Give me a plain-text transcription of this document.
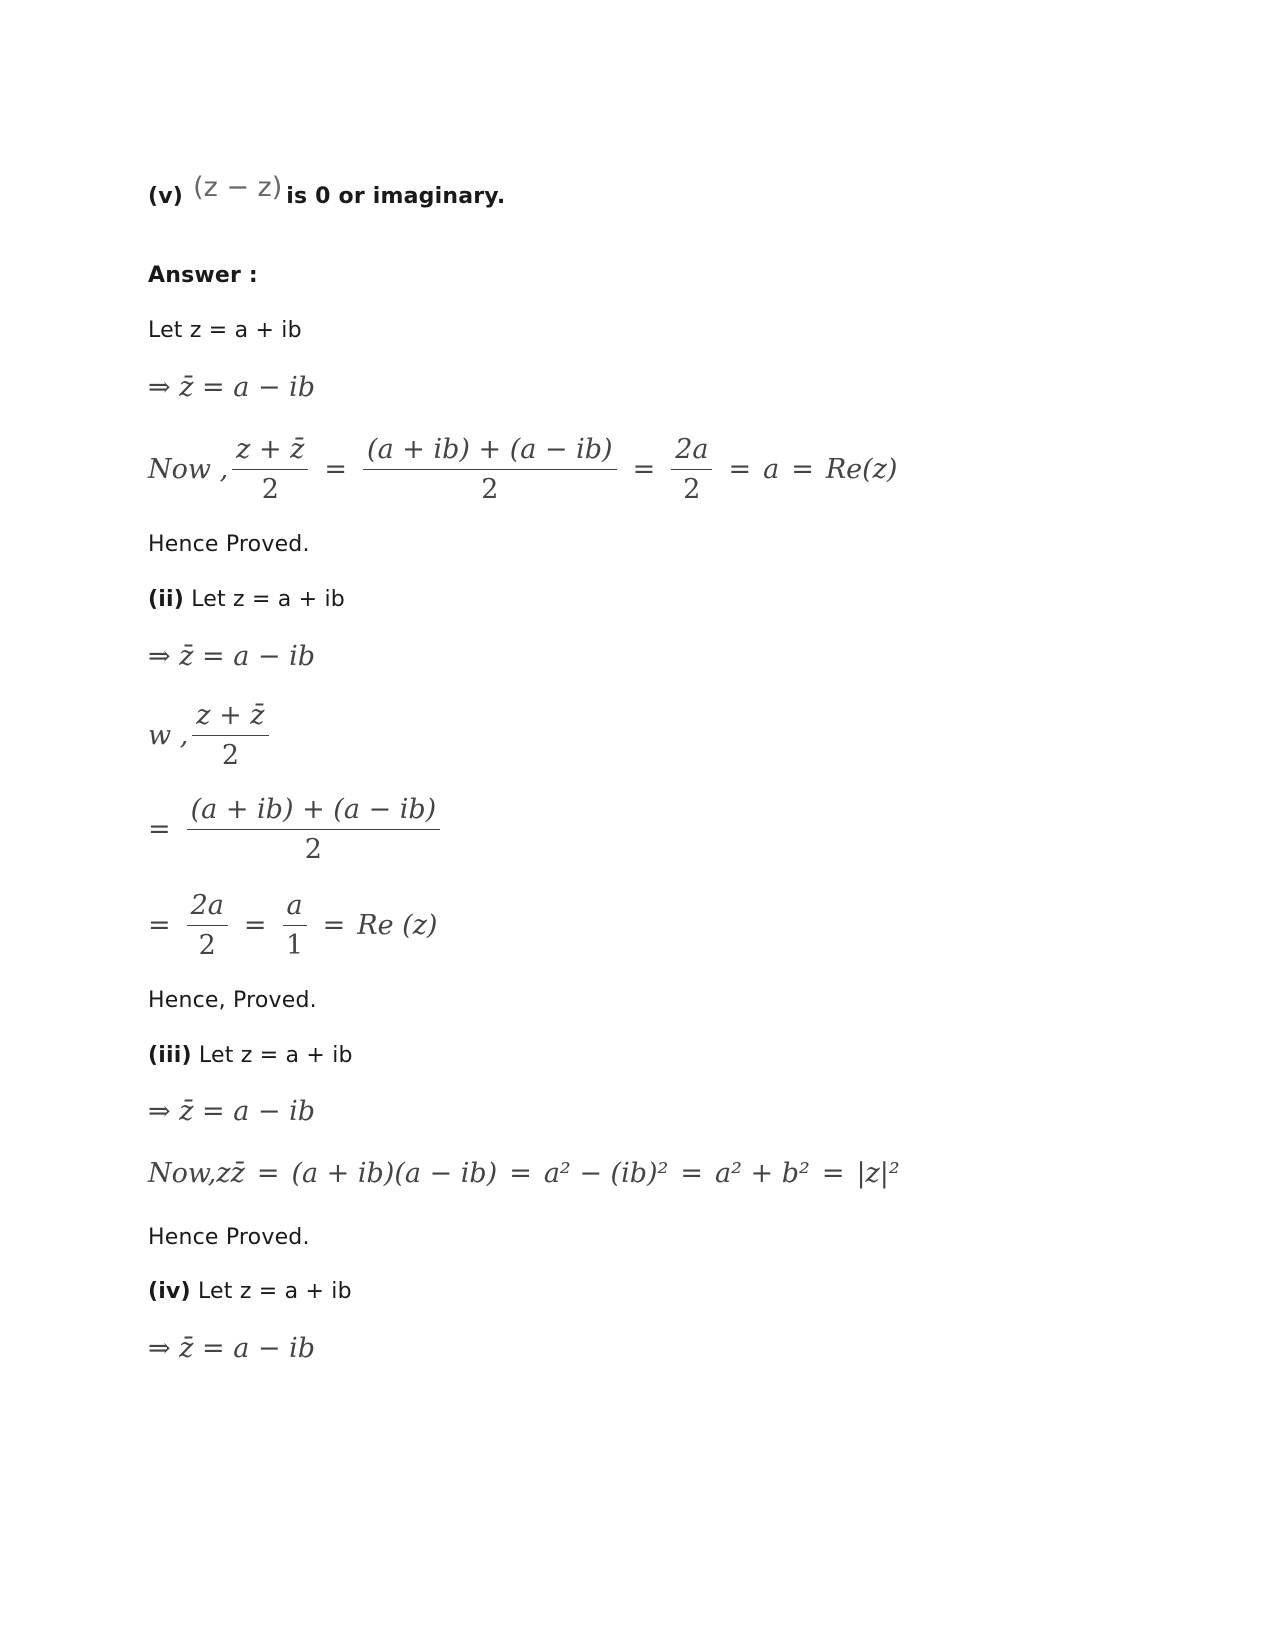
(v) (z − z) is 0 or imaginary.
Answer :
Let z = a + ib
⇒ z̄ = a − ib
Now , $\frac{z + z̄}{2} = \frac{(a + ib) + (a - ib)}{2} = \frac{2a}{2} = a = Re(z)$
Hence Proved.
(ii) Let z = a + ib
⇒ z̄ = a − ib
w , $\frac{z + z̄}{2}$
= $\frac{(a + ib) + (a - ib)}{2}$
= $\frac{2a}{2} = \frac{a}{1} = Re$ (z)
Hence, Proved.
(iii) Let z = a + ib
⇒ z̄ = a − ib
Now,zz̄ = (a + ib)(a − ib) = a² − (ib)² = a² + b² = |z|²
Hence Proved.
(iv) Let z = a + ib
⇒ z̄ = a − ib
